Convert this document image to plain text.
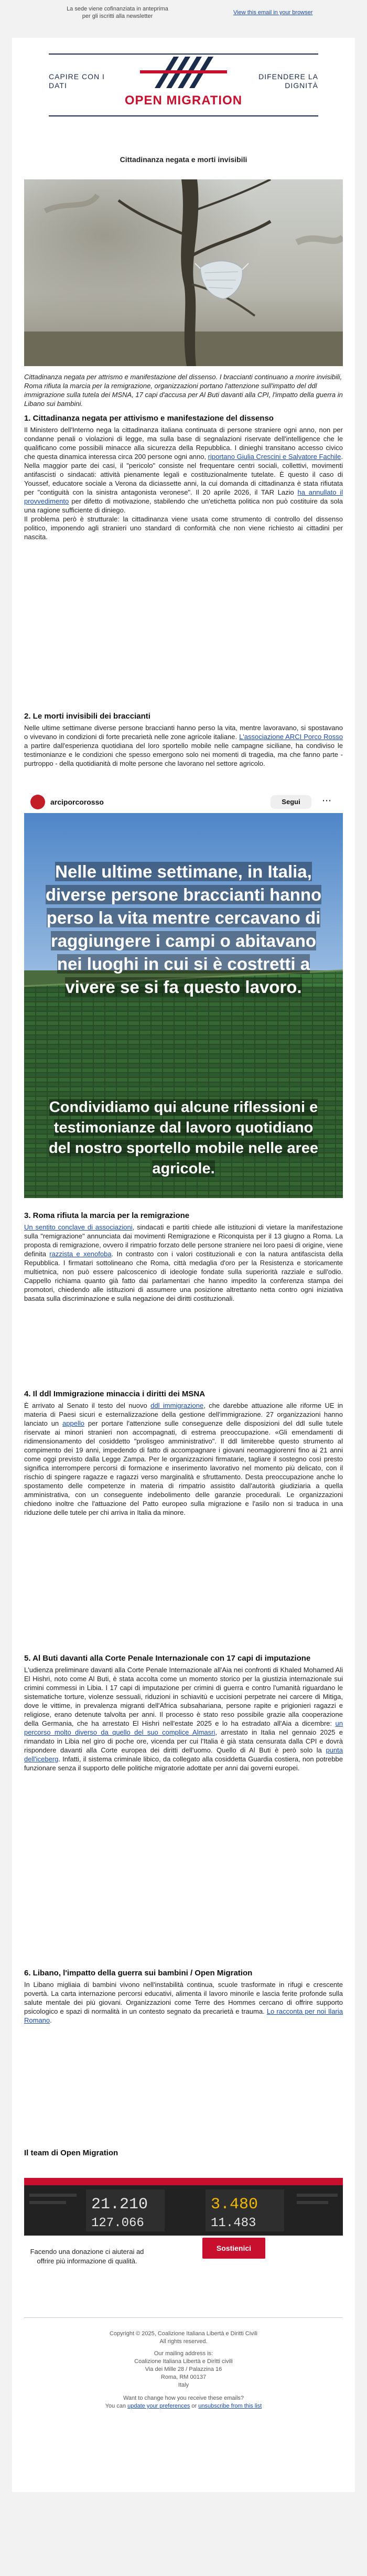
La sede viene cofinanziata in anteprima per gli iscritti alla newsletter
View this email in your browser
CAPIRE CON I DATI
DIFENDERE LA DIGNITÀ
OPEN MIGRATION
Cittadinanza negata e morti invisibili
Cittadinanza negata per attrismo e manifestazione del dissenso. I braccianti continuano a morire invisibili, Roma rifiuta la marcia per la remigrazione, organizzazioni portano l'attenzione sull'impatto del ddl immigrazione sulla tutela dei MSNA, 17 capi d'accusa per Al Buti davanti alla CPI, l'impatto della guerra in Libano sui bambini.
1. Cittadinanza negata per attivismo e manifestazione del dissenso

Il Ministero dell'Interno nega la cittadinanza italiana continuata di persone straniere ogni anno, non per condanne penali o violazioni di legge, ma sulla base di segnalazioni riservate dell'intelligence che le qualificano come possibili minacce alla sicurezza della Repubblica. I dinieghi transitano accesso civico che questa dinamica interessa circa 200 persone ogni anno, riportano Giulia Crescini e Salvatore Fachile. Nella maggior parte dei casi, il "pericolo" consiste nel frequentare centri sociali, collettivi, movimenti antifascisti o sindacati: attività pienamente legali e costituzionalmente tutelate. È questo il caso di Youssef, educatore sociale a Verona da diciassette anni, la cui domanda di cittadinanza è stata rifiutata per "contiguità con la sinistra antagonista veronese". Il 20 aprile 2026, il TAR Lazio ha annullato il provvedimento per difetto di motivazione, stabilendo che un'etichetta politica non può costituire da sola una ragione sufficiente di diniego.

Il problema però è strutturale: la cittadinanza viene usata come strumento di controllo del dissenso politico, imponendo agli stranieri uno standard di conformità che non viene richiesto ai cittadini per nascita.

2. Le morti invisibili dei braccianti

Nelle ultime settimane diverse persone braccianti hanno perso la vita, mentre lavoravano, si spostavano o vivevano in condizioni di forte precarietà nelle zone agricole italiane. L'associazione ARCI Porco Rosso a partire dall'esperienza quotidiana del loro sportello mobile nelle campagne siciliane, ha condiviso le testimonianze e le condizioni che spesso emergono solo nei momenti di tragedia, ma che fanno parte - purtroppo - della quotidianità di molte persone che lavorano nel settore agricolo.

arciporcorosso	Segui	⋯
Nelle ultime settimane, in Italia, diverse persone braccianti hanno perso la vita mentre cercavano di raggiungere i campi o abitavano nei luoghi in cui si è costretti a vivere se si fa questo lavoro.
Condividiamo qui alcune riflessioni e testimonianze dal lavoro quotidiano del nostro sportello mobile nelle aree agricole.
3. Roma rifiuta la marcia per la remigrazione

Un sentito conclave di associazioni, sindacati e partiti chiede alle istituzioni di vietare la manifestazione sulla "remigrazione" annunciata dai movimenti Remigrazione e Riconquista per il 13 giugno a Roma. La proposta di remigrazione, ovvero il rimpatrio forzato delle persone straniere nei loro paesi di origine, viene definita razzista e xenofoba. In contrasto con i valori costituzionali e con la natura antifascista della Repubblica. I firmatari sottolineano che Roma, città medaglia d'oro per la Resistenza e storicamente multietnica, non può essere palcoscenico di ideologie fondate sulla superiorità razziale e sull'odio. Cappello richiama quanto già fatto dai parlamentari che hanno impedito la conferenza stampa dei promotori, chiedendo alle istituzioni di assumere una posizione altrettanto netta contro ogni iniziativa basata sulla discriminazione e sulla negazione dei diritti costituzionali.

4. Il ddl Immigrazione minaccia i diritti dei MSNA

È arrivato al Senato il testo del nuovo ddl immigrazione, che darebbe attuazione alle riforme UE in materia di Paesi sicuri e esternalizzazione della gestione dell'immigrazione. 27 organizzazioni hanno lanciato un appello per portare l'attenzione sulle conseguenze delle disposizioni del ddl sulle tutele riservate ai minori stranieri non accompagnati, di estrema preoccupazione. «Gli emendamenti di ridimensionamento del cosiddetto "prolisgeo amministrativo". Il ddl limiterebbe questo strumento al compimento dei 19 anni, impedendo di fatto di accompagnare i giovani neomaggiorenni fino ai 21 anni come oggi previsto dalla Legge Zampa. Per le organizzazioni firmatarie, tagliare il sostegno così presto significa interrompere percorsi di formazione e inserimento lavorativo nel momento più delicato, con il rischio di spingere ragazze e ragazzi verso marginalità e sfruttamento. Desta preoccupazione anche lo spostamento delle competenze in materia di rimpatrio assistito dall'autorità giudiziaria a quella amministrativa, con un conseguente indebolimento delle garanzie procedurali. Le organizzazioni chiedono inoltre che l'attuazione del Patto europeo sulla migrazione e l'asilo non si traduca in una riduzione delle tutele per chi arriva in Italia da minore.

5. Al Buti davanti alla Corte Penale Internazionale con 17 capi di imputazione

L'udienza preliminare davanti alla Corte Penale Internazionale all'Aia nei confronti di Khaled Mohamed Ali El Hishri, noto come Al Buti, è stata accolta come un momento storico per la giustizia internazionale sui crimini commessi in Libia. I 17 capi di imputazione per crimini di guerra e contro l'umanità riguardano le sistematiche torture, violenze sessuali, riduzioni in schiavitù e uccisioni perpetrate nei carcere di Mitiga, dove le vittime, in prevalenza migranti dell'Africa subsahariana, persone rapite e prigionieri ragazzi e religiose, erano detenute talvolta per anni. Il processo è stato reso possibile grazie alla cooperazione della Germania, che ha arrestato El Hishri nell'estate 2025 e lo ha estradato all'Aia a dicembre: un percorso molto diverso da quello del suo complice Almasri, arrestato in Italia nel gennaio 2025 e rimandato in Libia nel giro di poche ore, vicenda per cui l'Italia è già stata censurata dalla CPI e dovrà rispondere davanti alla Corte europea dei diritti dell'uomo. Quello di Al Buti è però solo la punta dell'iceberg. Infatti, il sistema criminale libico, da collegato alla cosiddetta Guardia costiera, non potrebbe funzionare senza il supporto delle politiche migratorie adottate per anni dai governi europei.

6. Libano, l'impatto della guerra sui bambini / Open Migration

In Libano migliaia di bambini vivono nell'instabilità continua, scuole trasformate in rifugi e crescente povertà. La carta internazione percorsi educativi, alimenta il lavoro minorile e lascia ferite profonde sulla salute mentale dei più giovani. Organizzazioni come Terre des Hommes cercano di offrire supporto psicologico e spazi di normalità in un contesto segnato da precarietà e trauma. Lo racconta per noi Ilaria Romano.

Il team di Open Migration
21.210
127.066
3.480
11.483
Facendo una donazione ci aiuterai ad offrire più informazione di qualità.
Sostienici
Copyright © 2025, Coalizione Italiana Libertà e Diritti Civili
All rights reserved.
Our mailing address is:
Coalizione Italiana Libertà e Diritti civili
Via dei Mille 28 / Palazzina 16
Roma, RM 00137
Italy
Want to change how you receive these emails?
You can update your preferences or unsubscribe from this list
